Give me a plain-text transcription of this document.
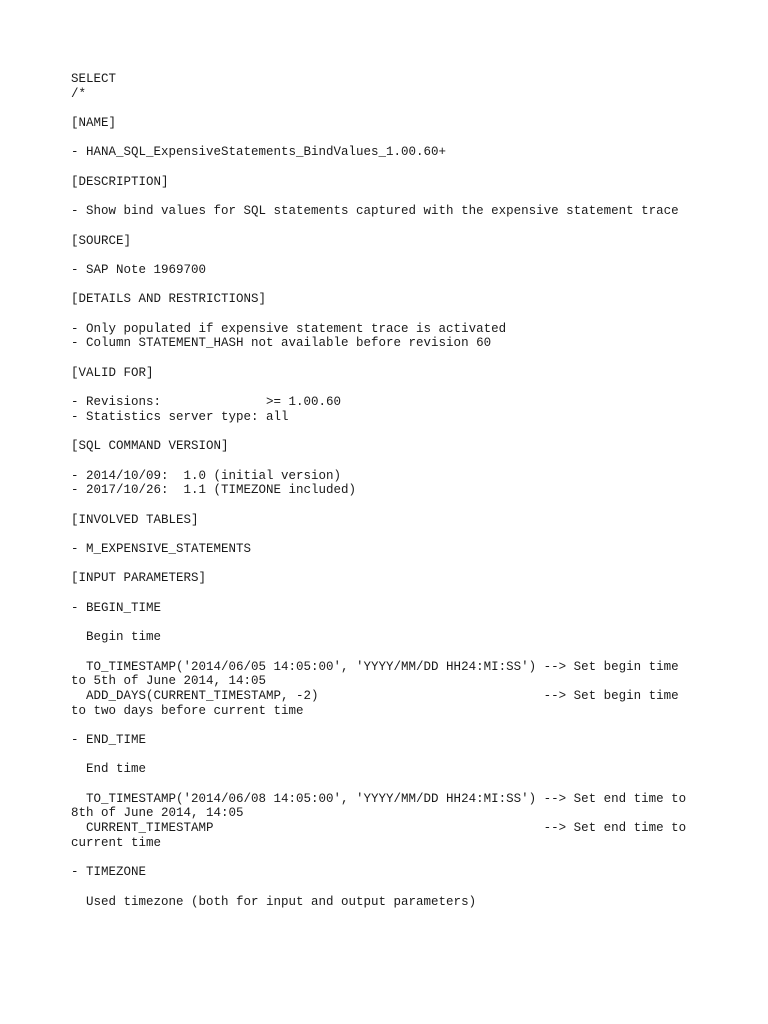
SELECT
/*
[NAME]
- HANA_SQL_ExpensiveStatements_BindValues_1.00.60+
[DESCRIPTION]
- Show bind values for SQL statements captured with the expensive statement trace
[SOURCE]
- SAP Note 1969700
[DETAILS AND RESTRICTIONS]
- Only populated if expensive statement trace is activated
- Column STATEMENT_HASH not available before revision 60
[VALID FOR]
- Revisions:              >= 1.00.60
- Statistics server type: all
[SQL COMMAND VERSION]
- 2014/10/09:  1.0 (initial version)
- 2017/10/26:  1.1 (TIMEZONE included)
[INVOLVED TABLES]
- M_EXPENSIVE_STATEMENTS
[INPUT PARAMETERS]
- BEGIN_TIME
Begin time
TO_TIMESTAMP('2014/06/05 14:05:00', 'YYYY/MM/DD HH24:MI:SS') --> Set begin time
to 5th of June 2014, 14:05
ADD_DAYS(CURRENT_TIMESTAMP, -2)                              --> Set begin time
to two days before current time
- END_TIME
End time
TO_TIMESTAMP('2014/06/08 14:05:00', 'YYYY/MM/DD HH24:MI:SS') --> Set end time to
8th of June 2014, 14:05
CURRENT_TIMESTAMP                                            --> Set end time to
current time
- TIMEZONE
Used timezone (both for input and output parameters)
